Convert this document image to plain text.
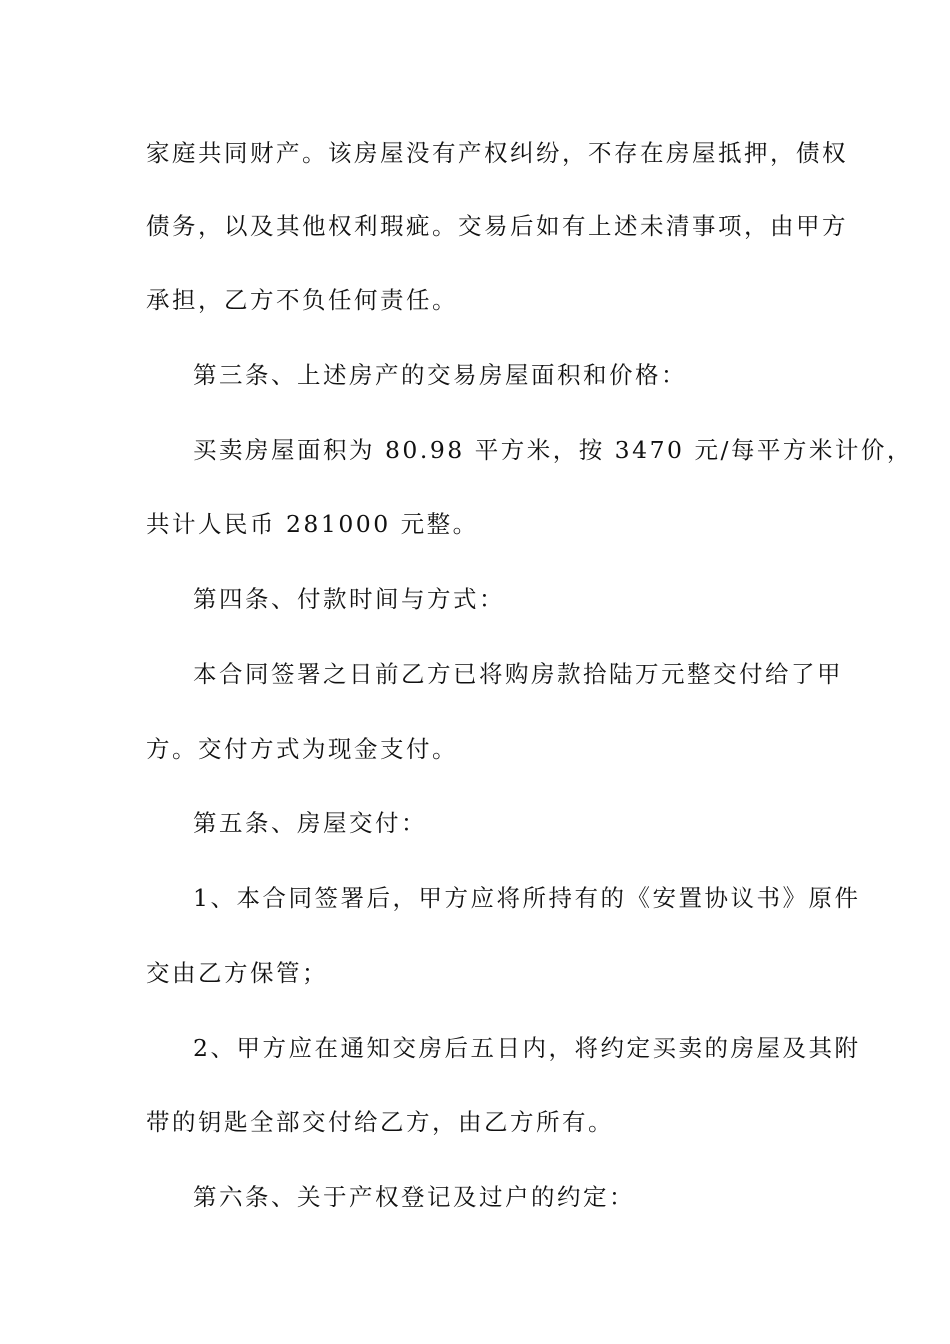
家庭共同财产。该房屋没有产权纠纷，不存在房屋抵押，债权
债务，以及其他权利瑕疵。交易后如有上述未清事项，由甲方
承担，乙方不负任何责任。
第三条、上述房产的交易房屋面积和价格：
买卖房屋面积为 80.98 平方米，按 3470 元/每平方米计价，
共计人民币 281000 元整。
第四条、付款时间与方式：
本合同签署之日前乙方已将购房款拾陆万元整交付给了甲
方。交付方式为现金支付。
第五条、房屋交付：
1、本合同签署后，甲方应将所持有的《安置协议书》原件
交由乙方保管；
2、甲方应在通知交房后五日内，将约定买卖的房屋及其附
带的钥匙全部交付给乙方，由乙方所有。
第六条、关于产权登记及过户的约定：
